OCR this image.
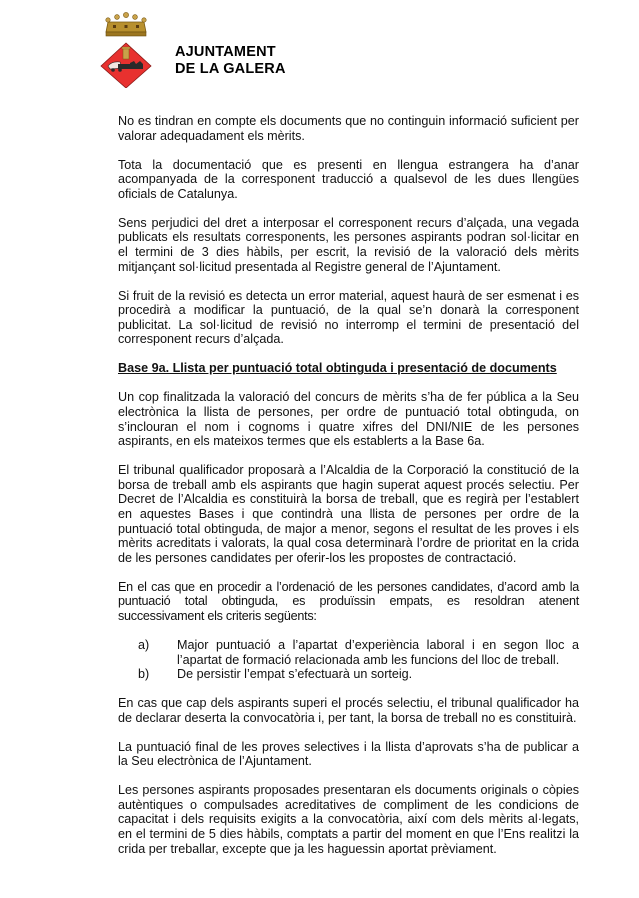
AJUNTAMENT
DE LA GALERA

No es tindran en compte els documents que no continguin informació suficient per valorar adequadament els mèrits.

Tota la documentació que es presenti en llengua estrangera ha d’anar acompanyada de la corresponent traducció a qualsevol de les dues llengües oficials de Catalunya.

Sens perjudici del dret a interposar el corresponent recurs d’alçada, una vegada publicats els resultats corresponents, les persones aspirants podran sol·licitar en el termini de 3 dies hàbils, per escrit, la revisió de la valoració dels mèrits mitjançant sol·licitud presentada al Registre general de l’Ajuntament.

Si fruit de la revisió es detecta un error material, aquest haurà de ser esmenat i es procedirà a modificar la puntuació, de la qual se’n donarà la corresponent publicitat. La sol·licitud de revisió no interromp el termini de presentació del corresponent recurs d’alçada.

Base 9a. Llista per puntuació total obtinguda i presentació de documents

Un cop finalitzada la valoració del concurs de mèrits s’ha de fer pública a la Seu electrònica la llista de persones, per ordre de puntuació total obtinguda, on s’inclouran el nom i cognoms i quatre xifres del DNI/NIE de les persones aspirants, en els mateixos termes que els establerts a la Base 6a.

El tribunal qualificador proposarà a l’Alcaldia de la Corporació la constitució de la borsa de treball amb els aspirants que hagin superat aquest procés selectiu. Per Decret de l’Alcaldia es constituirà la borsa de treball, que es regirà per l’establert en aquestes Bases i que contindrà una llista de persones per ordre de la puntuació total obtinguda, de major a menor, segons el resultat de les proves i els mèrits acreditats i valorats, la qual cosa determinarà l’ordre de prioritat en la crida de les persones candidates per oferir-los les propostes de contractació.

En el cas que en procedir a l’ordenació de les persones candidates, d’acord amb la puntuació total obtinguda, es produïssin empats, es resoldran atenent successivament els criteris següents:

a) Major puntuació a l’apartat d’experiència laboral i en segon lloc a l’apartat de formació relacionada amb les funcions del lloc de treball.
b) De persistir l’empat s’efectuarà un sorteig.

En cas que cap dels aspirants superi el procés selectiu, el tribunal qualificador ha de declarar deserta la convocatòria i, per tant, la borsa de treball no es constituirà.

La puntuació final de les proves selectives i la llista d’aprovats s’ha de publicar a la Seu electrònica de l’Ajuntament.

Les persones aspirants proposades presentaran els documents originals o còpies autèntiques o compulsades acreditatives de compliment de les condicions de capacitat i dels requisits exigits a la convocatòria, així com dels mèrits al·legats, en el termini de 5 dies hàbils, comptats a partir del moment en que l’Ens realitzi la crida per treballar, excepte que ja les haguessin aportat prèviament.
